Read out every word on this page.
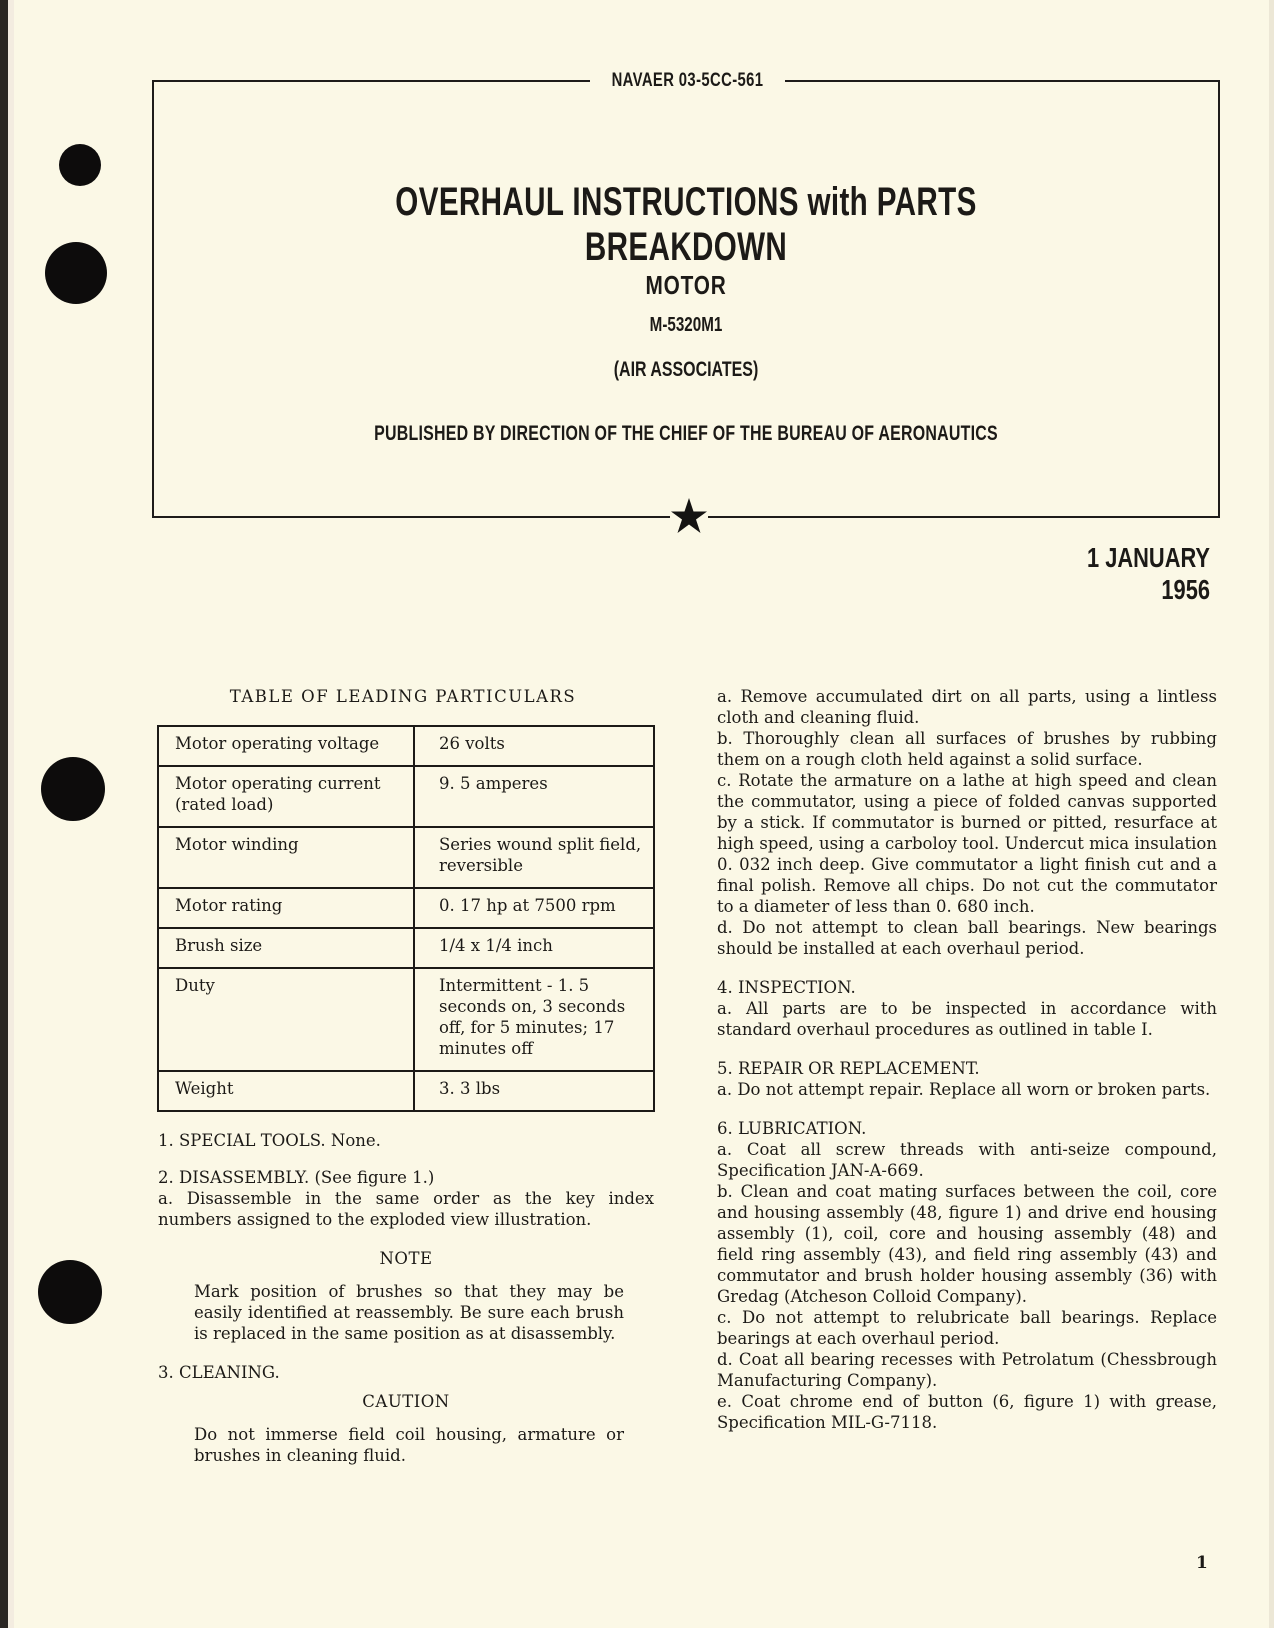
NAVAER 03-5CC-561
OVERHAUL INSTRUCTIONS with PARTS BREAKDOWN
MOTOR
M-5320M1
(AIR ASSOCIATES)
PUBLISHED BY DIRECTION OF THE CHIEF OF THE BUREAU OF AERONAUTICS
1 JANUARY 1956
TABLE OF LEADING PARTICULARS
Motor operating voltage	26 volts
Motor operating current (rated load)	9. 5 amperes
Motor winding	Series wound split field, reversible
Motor rating	0. 17 hp at 7500 rpm
Brush size	1/4 x 1/4 inch
Duty	Intermittent - 1. 5 seconds on, 3 seconds off, for 5 minutes; 17 minutes off
Weight	3. 3 lbs
1. SPECIAL TOOLS. None.
2. DISASSEMBLY. (See figure 1.)
a. Disassemble in the same order as the key index numbers assigned to the exploded view illustration.
NOTE
Mark position of brushes so that they may be easily identified at reassembly. Be sure each brush is replaced in the same position as at disassembly.
3. CLEANING.
CAUTION
Do not immerse field coil housing, armature or brushes in cleaning fluid.
a. Remove accumulated dirt on all parts, using a lintless cloth and cleaning fluid.
b. Thoroughly clean all surfaces of brushes by rubbing them on a rough cloth held against a solid surface.
c. Rotate the armature on a lathe at high speed and clean the commutator, using a piece of folded canvas supported by a stick. If commutator is burned or pitted, resurface at high speed, using a carboloy tool. Undercut mica insulation 0. 032 inch deep. Give commutator a light finish cut and a final polish. Remove all chips. Do not cut the commutator to a diameter of less than 0. 680 inch.
d. Do not attempt to clean ball bearings. New bearings should be installed at each overhaul period.
4. INSPECTION.
a. All parts are to be inspected in accordance with standard overhaul procedures as outlined in table I.
5. REPAIR OR REPLACEMENT.
a. Do not attempt repair. Replace all worn or broken parts.
6. LUBRICATION.
a. Coat all screw threads with anti-seize compound, Specification JAN-A-669.
b. Clean and coat mating surfaces between the coil, core and housing assembly (48, figure 1) and drive end housing assembly (1), coil, core and housing assembly (48) and field ring assembly (43), and field ring assembly (43) and commutator and brush holder housing assembly (36) with Gredag (Atcheson Colloid Company).
c. Do not attempt to relubricate ball bearings. Replace bearings at each overhaul period.
d. Coat all bearing recesses with Petrolatum (Chessbrough Manufacturing Company).
e. Coat chrome end of button (6, figure 1) with grease, Specification MIL-G-7118.
1
